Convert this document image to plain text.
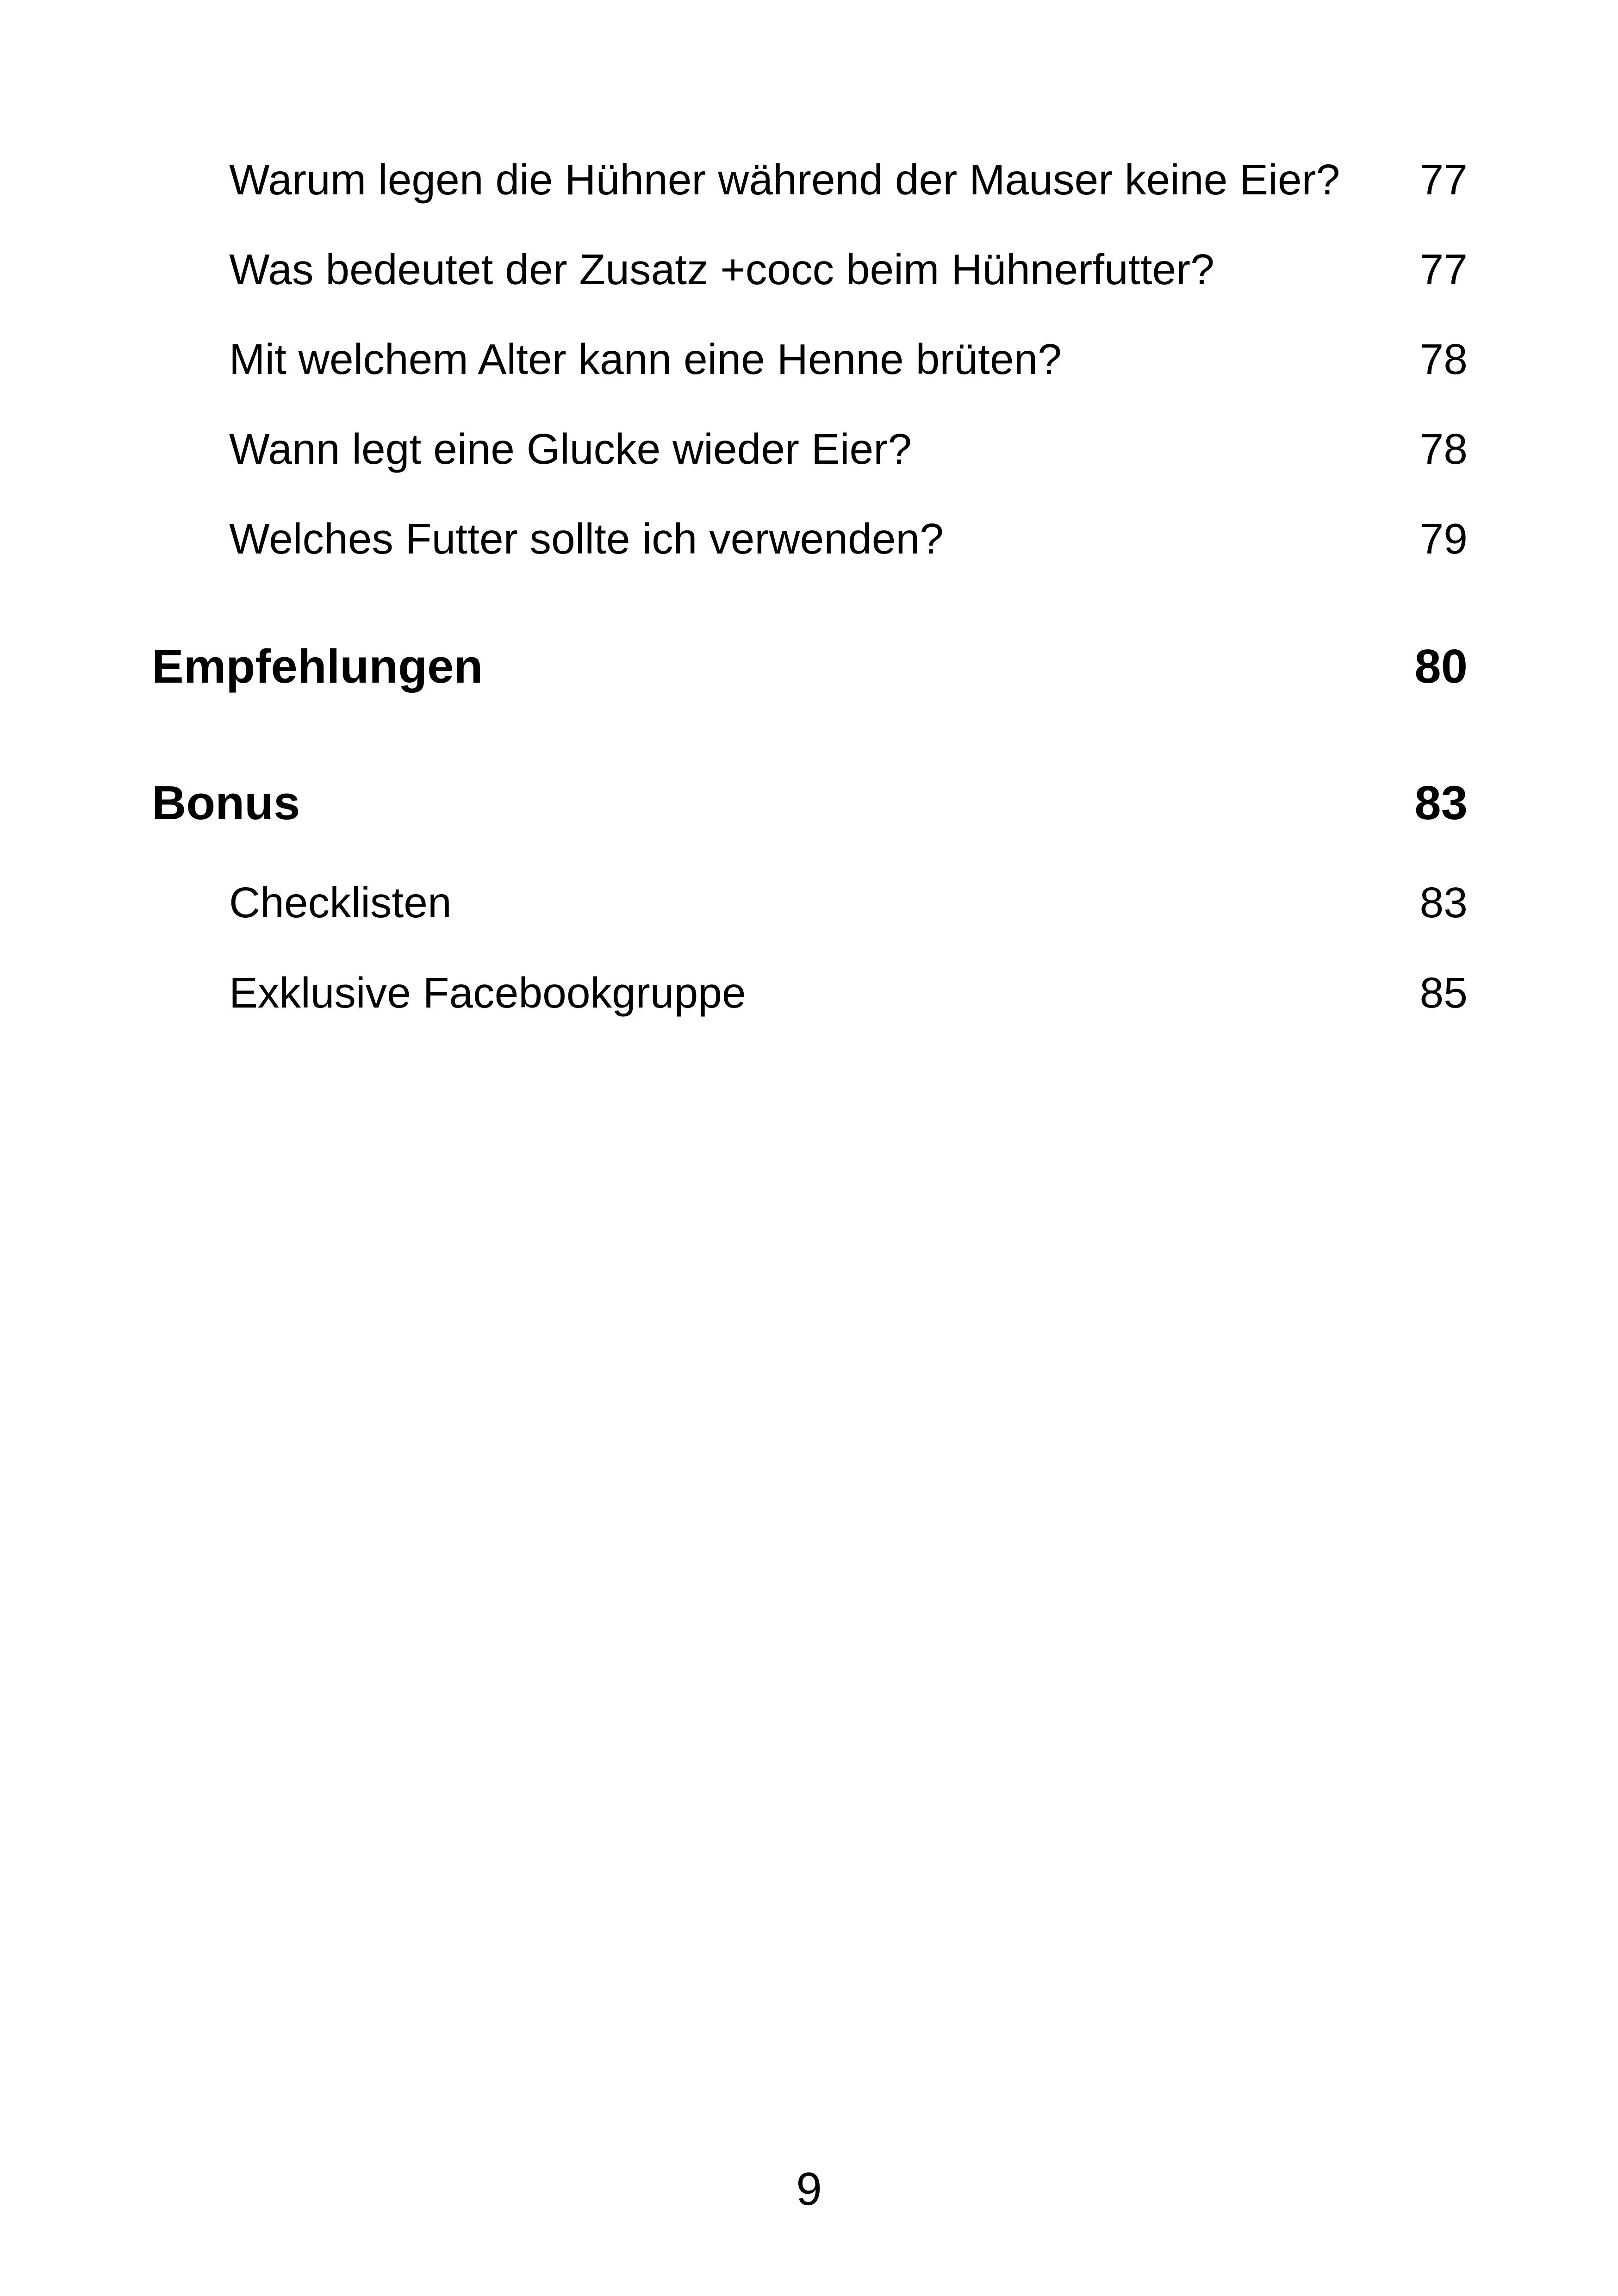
Warum legen die Hühner während der Mauser keine Eier? 77
Was bedeutet der Zusatz +cocc beim Hühnerfutter?	77
Mit welchem Alter kann eine Henne brüten?	78
Wann legt eine Glucke wieder Eier?	78
Welches Futter sollte ich verwenden?	79
Empfehlungen	80
Bonus	83
Checklisten	83
Exklusive Facebookgruppe	85
9
